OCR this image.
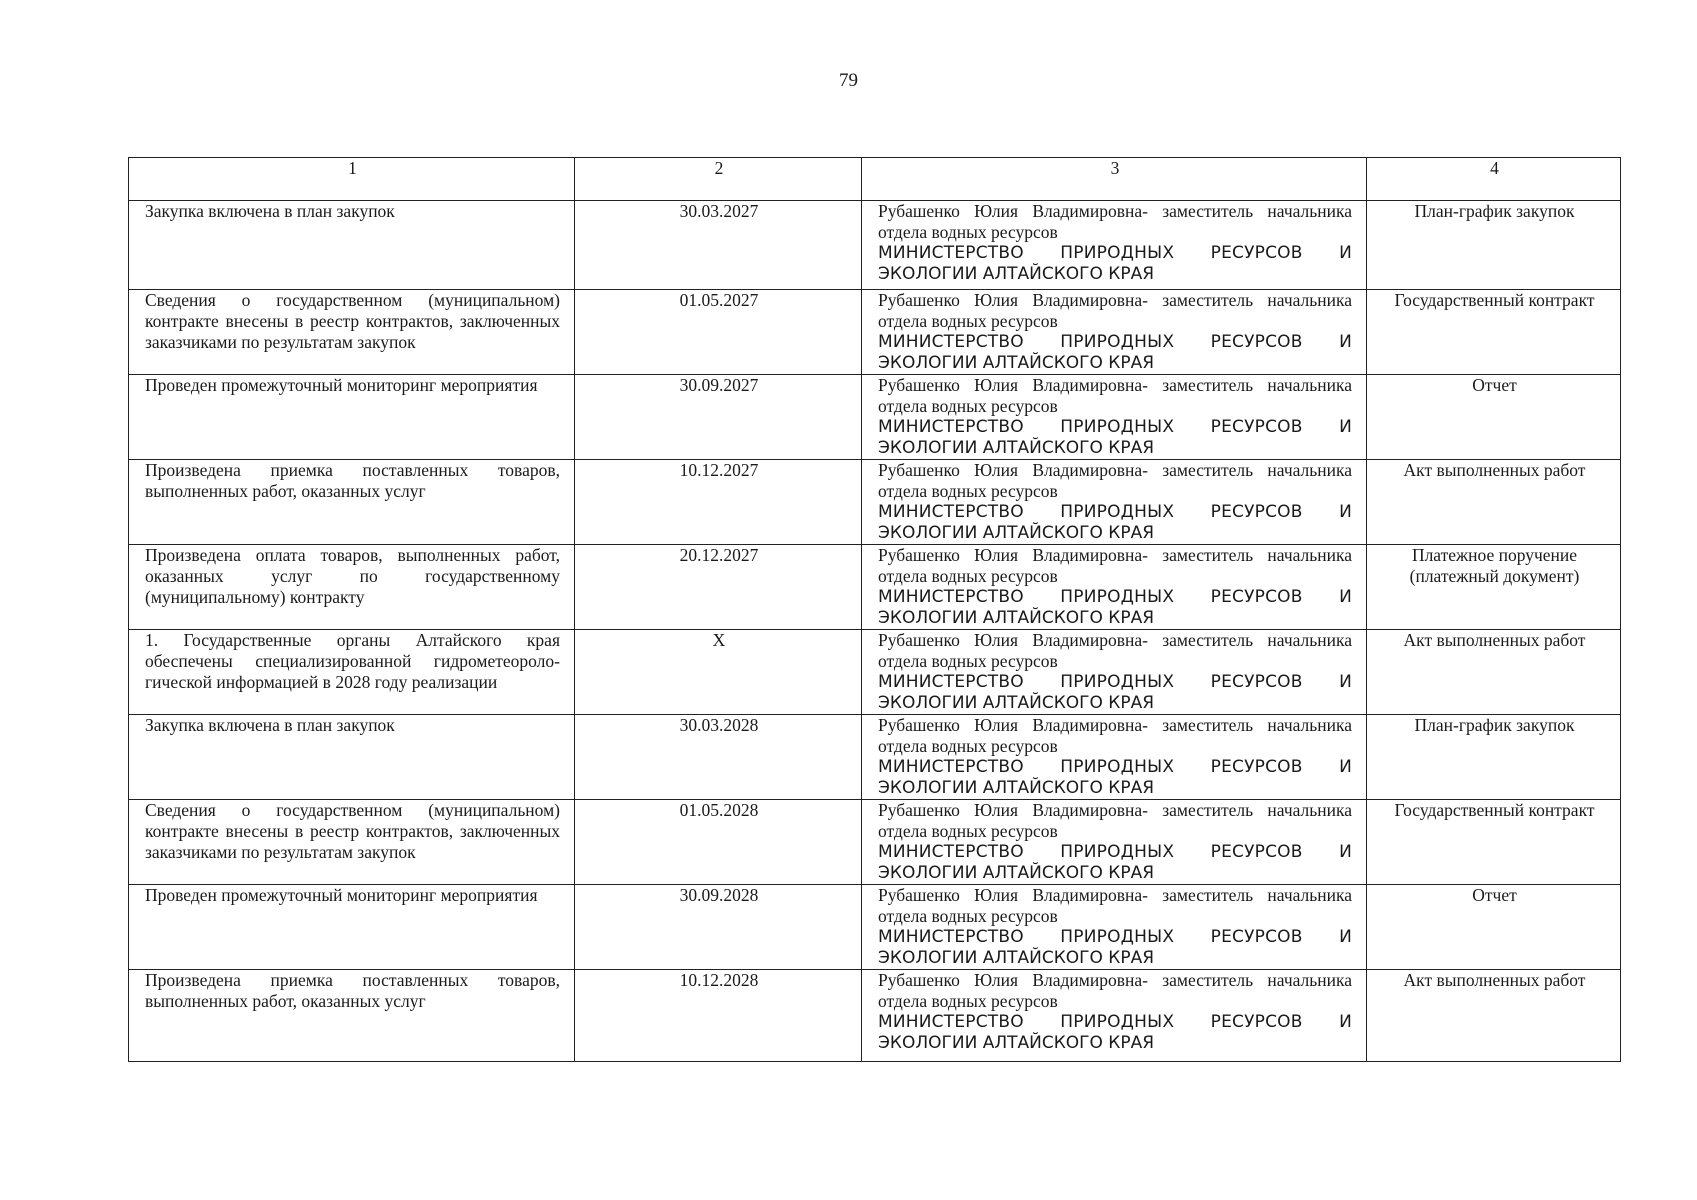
79
1	2	3	4
Закупка включена в план закупок	30.03.2027	Рубашенко Юлия Владимировна- заместитель начальника
отдела водных ресурсов
МИНИСТЕРСТВО ПРИРОДНЫХ РЕСУРСОВ И
ЭКОЛОГИИ АЛТАЙСКОГО КРАЯ	План-график закупок
Сведения о государственном (муниципальном) контракте внесены в реестр контрактов, заключенных заказчиками по результатам закупок	01.05.2027	Рубашенко Юлия Владимировна- заместитель начальника
отдела водных ресурсов
МИНИСТЕРСТВО ПРИРОДНЫХ РЕСУРСОВ И
ЭКОЛОГИИ АЛТАЙСКОГО КРАЯ	Государственный контракт
Проведен промежуточный мониторинг мероприятия	30.09.2027	Рубашенко Юлия Владимировна- заместитель начальника
отдела водных ресурсов
МИНИСТЕРСТВО ПРИРОДНЫХ РЕСУРСОВ И
ЭКОЛОГИИ АЛТАЙСКОГО КРАЯ	Отчет
Произведена приемка поставленных товаров, выполненных работ, оказанных услуг	10.12.2027	Рубашенко Юлия Владимировна- заместитель начальника
отдела водных ресурсов
МИНИСТЕРСТВО ПРИРОДНЫХ РЕСУРСОВ И
ЭКОЛОГИИ АЛТАЙСКОГО КРАЯ	Акт выполненных работ
Произведена оплата товаров, выполненных работ, оказанных услуг по государственному (муниципальному) контракту	20.12.2027	Рубашенко Юлия Владимировна- заместитель начальника
отдела водных ресурсов
МИНИСТЕРСТВО ПРИРОДНЫХ РЕСУРСОВ И
ЭКОЛОГИИ АЛТАЙСКОГО КРАЯ	Платежное поручение (платежный документ)
1. Государственные органы Алтайского края обеспечены специализированной гидрометеороло-гической информацией в 2028 году реализации	X	Рубашенко Юлия Владимировна- заместитель начальника
отдела водных ресурсов
МИНИСТЕРСТВО ПРИРОДНЫХ РЕСУРСОВ И
ЭКОЛОГИИ АЛТАЙСКОГО КРАЯ	Акт выполненных работ
Закупка включена в план закупок	30.03.2028	Рубашенко Юлия Владимировна- заместитель начальника
отдела водных ресурсов
МИНИСТЕРСТВО ПРИРОДНЫХ РЕСУРСОВ И
ЭКОЛОГИИ АЛТАЙСКОГО КРАЯ	План-график закупок
Сведения о государственном (муниципальном) контракте внесены в реестр контрактов, заключенных заказчиками по результатам закупок	01.05.2028	Рубашенко Юлия Владимировна- заместитель начальника
отдела водных ресурсов
МИНИСТЕРСТВО ПРИРОДНЫХ РЕСУРСОВ И
ЭКОЛОГИИ АЛТАЙСКОГО КРАЯ	Государственный контракт
Проведен промежуточный мониторинг мероприятия	30.09.2028	Рубашенко Юлия Владимировна- заместитель начальника
отдела водных ресурсов
МИНИСТЕРСТВО ПРИРОДНЫХ РЕСУРСОВ И
ЭКОЛОГИИ АЛТАЙСКОГО КРАЯ	Отчет
Произведена приемка поставленных товаров, выполненных работ, оказанных услуг	10.12.2028	Рубашенко Юлия Владимировна- заместитель начальника
отдела водных ресурсов
МИНИСТЕРСТВО ПРИРОДНЫХ РЕСУРСОВ И
ЭКОЛОГИИ АЛТАЙСКОГО КРАЯ	Акт выполненных работ
